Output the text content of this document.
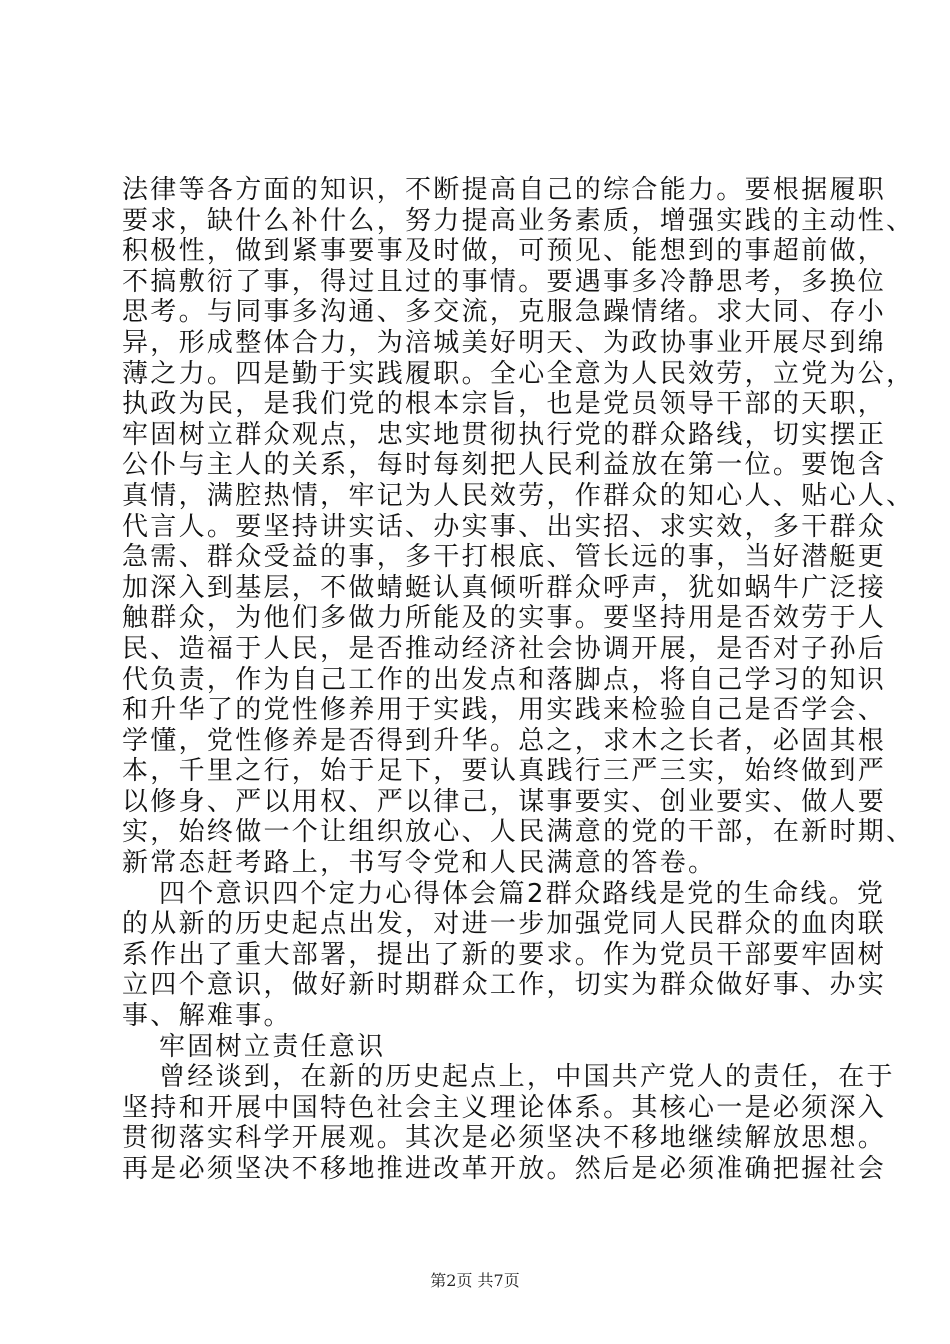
法律等各方面的知识，不断提高自己的综合能力。要根据履职
要求，缺什么补什么，努力提高业务素质，增强实践的主动性、
积极性，做到紧事要事及时做，可预见、能想到的事超前做，
不搞敷衍了事，得过且过的事情。要遇事多冷静思考，多换位
思考。与同事多沟通、多交流，克服急躁情绪。求大同、存小
异，形成整体合力，为涪城美好明天、为政协事业开展尽到绵
薄之力。四是勤于实践履职。全心全意为人民效劳，立党为公，
执政为民，是我们党的根本宗旨，也是党员领导干部的天职，
牢固树立群众观点，忠实地贯彻执行党的群众路线，切实摆正
公仆与主人的关系，每时每刻把人民利益放在第一位。要饱含
真情，满腔热情，牢记为人民效劳，作群众的知心人、贴心人、
代言人。要坚持讲实话、办实事、出实招、求实效，多干群众
急需、群众受益的事，多干打根底、管长远的事，当好潜艇更
加深入到基层，不做蜻蜓认真倾听群众呼声，犹如蜗牛广泛接
触群众，为他们多做力所能及的实事。要坚持用是否效劳于人
民、造福于人民，是否推动经济社会协调开展，是否对子孙后
代负责，作为自己工作的出发点和落脚点，将自己学习的知识
和升华了的党性修养用于实践，用实践来检验自己是否学会、
学懂，党性修养是否得到升华。总之，求木之长者，必固其根
本，千里之行，始于足下，要认真践行三严三实，始终做到严
以修身、严以用权、严以律己，谋事要实、创业要实、做人要
实，始终做一个让组织放心、人民满意的党的干部，在新时期、
新常态赶考路上，书写令党和人民满意的答卷。
四个意识四个定力心得体会篇2群众路线是党的生命线。党
的从新的历史起点出发，对进一步加强党同人民群众的血肉联
系作出了重大部署，提出了新的要求。作为党员干部要牢固树
立四个意识，做好新时期群众工作，切实为群众做好事、办实
事、解难事。
牢固树立责任意识
曾经谈到，在新的历史起点上，中国共产党人的责任，在于
坚持和开展中国特色社会主义理论体系。其核心一是必须深入
贯彻落实科学开展观。其次是必须坚决不移地继续解放思想。
再是必须坚决不移地推进改革开放。然后是必须准确把握社会
第2页 共7页
